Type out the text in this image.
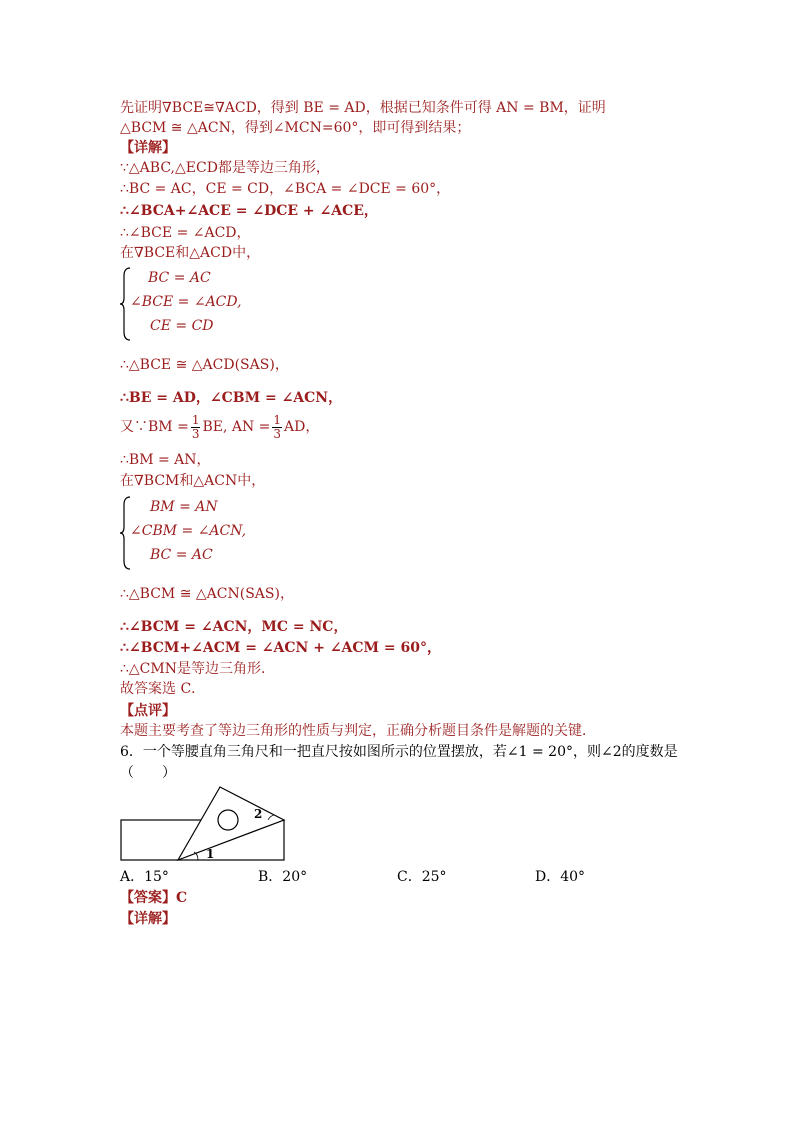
先证明∇BCE≅∇ACD，得到 BE = AD，根据已知条件可得 AN = BM，证明
△BCM ≅ △ACN，得到∠MCN=60°，即可得到结果；
【详解】
∵△ABC,△ECD都是等边三角形，
∴BC = AC，CE = CD，∠BCA = ∠DCE = 60°，
∴∠BCA+∠ACE = ∠DCE + ∠ACE，
∴∠BCE = ∠ACD，
在∇BCE和△ACD中，
BC = AC
∠BCE = ∠ACD,
CE = CD
∴△BCE ≅ △ACD(SAS)，
∴BE = AD，∠CBM = ∠ACN，
又∵BM = $\frac{1}{3}$ BE, AN = $\frac{1}{3}$ AD，
∴BM = AN，
在∇BCM和△ACN中，
BM = AN
∠CBM = ∠ACN,
BC = AC
∴△BCM ≅ △ACN(SAS)，
∴∠BCM = ∠ACN，MC = NC，
∴∠BCM+∠ACM = ∠ACN + ∠ACM = 60°，
∴△CMN是等边三角形．
故答案选 C．
【点评】
本题主要考查了等边三角形的性质与判定，正确分析题目条件是解题的关键．
6．一个等腰直角三角尺和一把直尺按如图所示的位置摆放，若∠1 = 20°，则∠2的度数是
（　　）
1
2
A．15°	B．20°	C．25°	D．40°
【答案】C
【详解】
